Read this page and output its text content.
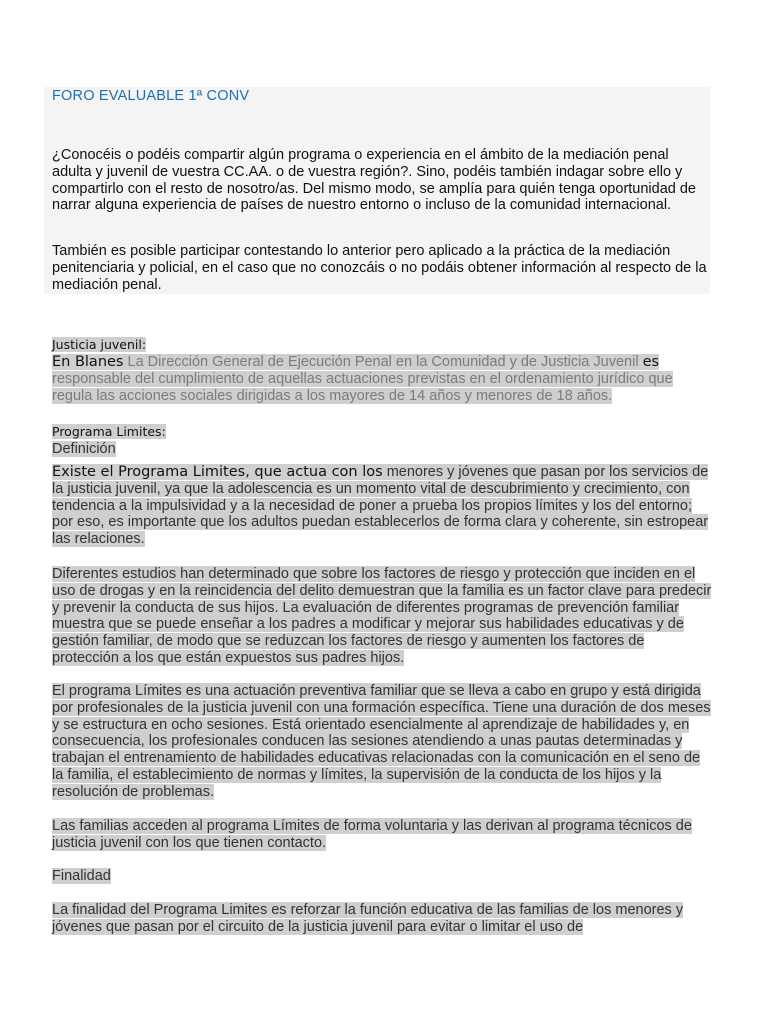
FORO EVALUABLE 1ª CONV
¿Conocéis o podéis compartir algún programa o experiencia en el ámbito de la mediación penal adulta y juvenil de vuestra CC.AA. o de vuestra región?. Sino, podéis también indagar sobre ello y compartirlo con el resto de nosotro/as. Del mismo modo, se amplía para quién tenga oportunidad de narrar alguna experiencia de países de nuestro entorno o incluso de la comunidad internacional.
También es posible participar contestando lo anterior pero aplicado a la práctica de la mediación penitenciaria y policial, en el caso que no conozcáis o no podáis obtener información al respecto de la mediación penal.
Justicia juvenil:
En Blanes La Dirección General de Ejecución Penal en la Comunidad y de Justicia Juvenil es responsable del cumplimiento de aquellas actuaciones previstas en el ordenamiento jurídico que regula las acciones sociales dirigidas a los mayores de 14 años y menores de 18 años.
Programa Limites:
Definición
Existe el Programa Limites, que actua con los menores y jóvenes que pasan por los servicios de la justicia juvenil, ya que la adolescencia es un momento vital de descubrimiento y crecimiento, con tendencia a la impulsividad y a la necesidad de poner a prueba los propios límites y los del entorno; por eso, es importante que los adultos puedan establecerlos de forma clara y coherente, sin estropear las relaciones.
Diferentes estudios han determinado que sobre los factores de riesgo y protección que inciden en el uso de drogas y en la reincidencia del delito demuestran que la familia es un factor clave para predecir y prevenir la conducta de sus hijos. La evaluación de diferentes programas de prevención familiar muestra que se puede enseñar a los padres a modificar y mejorar sus habilidades educativas y de gestión familiar, de modo que se reduzcan los factores de riesgo y aumenten los factores de protección a los que están expuestos sus padres hijos.
El programa Límites es una actuación preventiva familiar que se lleva a cabo en grupo y está dirigida por profesionales de la justicia juvenil con una formación específica. Tiene una duración de dos meses y se estructura en ocho sesiones. Está orientado esencialmente al aprendizaje de habilidades y, en consecuencia, los profesionales conducen las sesiones atendiendo a unas pautas determinadas y trabajan el entrenamiento de habilidades educativas relacionadas con la comunicación en el seno de la familia, el establecimiento de normas y límites, la supervisión de la conducta de los hijos y la resolución de problemas.
Las familias acceden al programa Límites de forma voluntaria y las derivan al programa técnicos de justicia juvenil con los que tienen contacto.
Finalidad
La finalidad del Programa Limites es reforzar la función educativa de las familias de los menores y jóvenes que pasan por el circuito de la justicia juvenil para evitar o limitar el uso de
